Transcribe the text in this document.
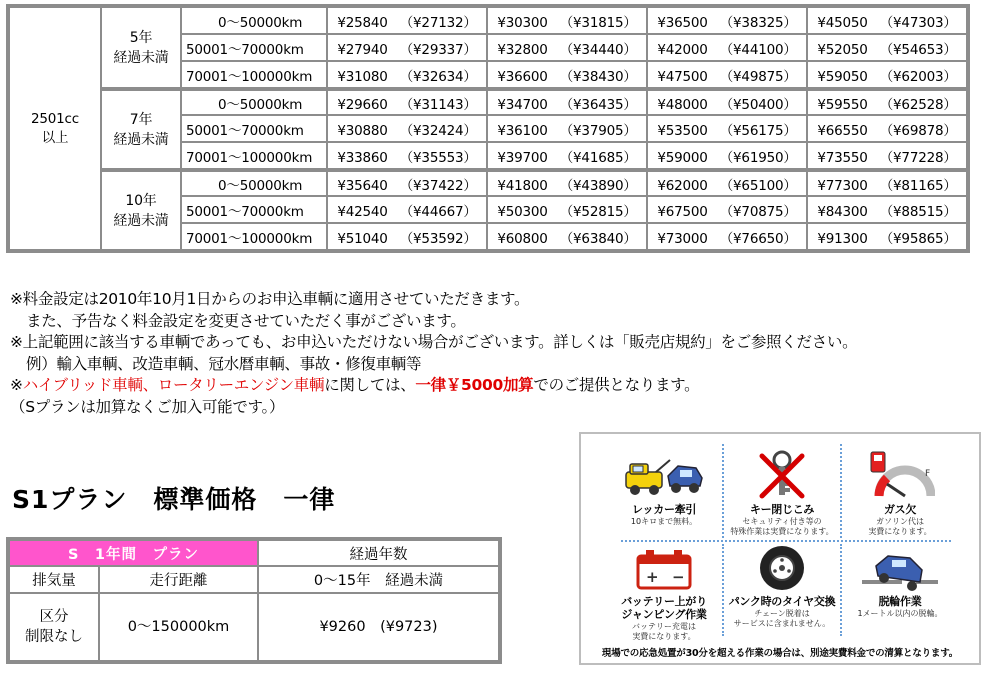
2501cc
以上	5年
経過未満	0～50000km	¥25840 （¥27132）	¥30300 （¥31815）	¥36500 （¥38325）	¥45050 （¥47303）
		50001～70000km	¥27940 （¥29337）	¥32800 （¥34440）	¥42000 （¥44100）	¥52050 （¥54653）
		70001～100000km	¥31080 （¥32634）	¥36600 （¥38430）	¥47500 （¥49875）	¥59050 （¥62003）
	7年
経過未満	0～50000km	¥29660 （¥31143）	¥34700 （¥36435）	¥48000 （¥50400）	¥59550 （¥62528）
		50001～70000km	¥30880 （¥32424）	¥36100 （¥37905）	¥53500 （¥56175）	¥66550 （¥69878）
		70001～100000km	¥33860 （¥35553）	¥39700 （¥41685）	¥59000 （¥61950）	¥73550 （¥77228）
	10年
経過未満	0～50000km	¥35640 （¥37422）	¥41800 （¥43890）	¥62000 （¥65100）	¥77300 （¥81165）
		50001～70000km	¥42540 （¥44667）	¥50300 （¥52815）	¥67500 （¥70875）	¥84300 （¥88515）
		70001～100000km	¥51040 （¥53592）	¥60800 （¥63840）	¥73000 （¥76650）	¥91300 （¥95865）
※料金設定は2010年10月1日からのお申込車輌に適用させていただきます。
また、予告なく料金設定を変更させていただく事がございます。
※上記範囲に該当する車輌であっても、お申込いただけない場合がございます。詳しくは「販売店規約」をご参照ください。
例）輸入車輌、改造車輌、冠水暦車輌、事故・修復車輌等
※ハイブリッド車輌、ロータリーエンジン車輌に関しては、一律￥5000加算でのご提供となります。
（Sプランは加算なくご加入可能です。）
S1プラン　標準価格　一律
S　1年間　プラン		経過年数
排気量	走行距離	0～15年　経過未満
区分
制限なし	0～150000km	¥9260　(¥9723)
レッカー牽引
10キロまで無料。
キー閉じこみ
セキュリティ付き等の
特殊作業は実費になります。
F
ガス欠
ガソリン代は
実費になります。
+ −
バッテリー上がり
ジャンピング作業
バッテリー充電は
実費になります。
パンク時のタイヤ交換
チェーン脱着は
サービスに含まれません。
脱輪作業
1メートル以内の脱輪。
現場での応急処置が30分を超える作業の場合は、別途実費料金での清算となります。
